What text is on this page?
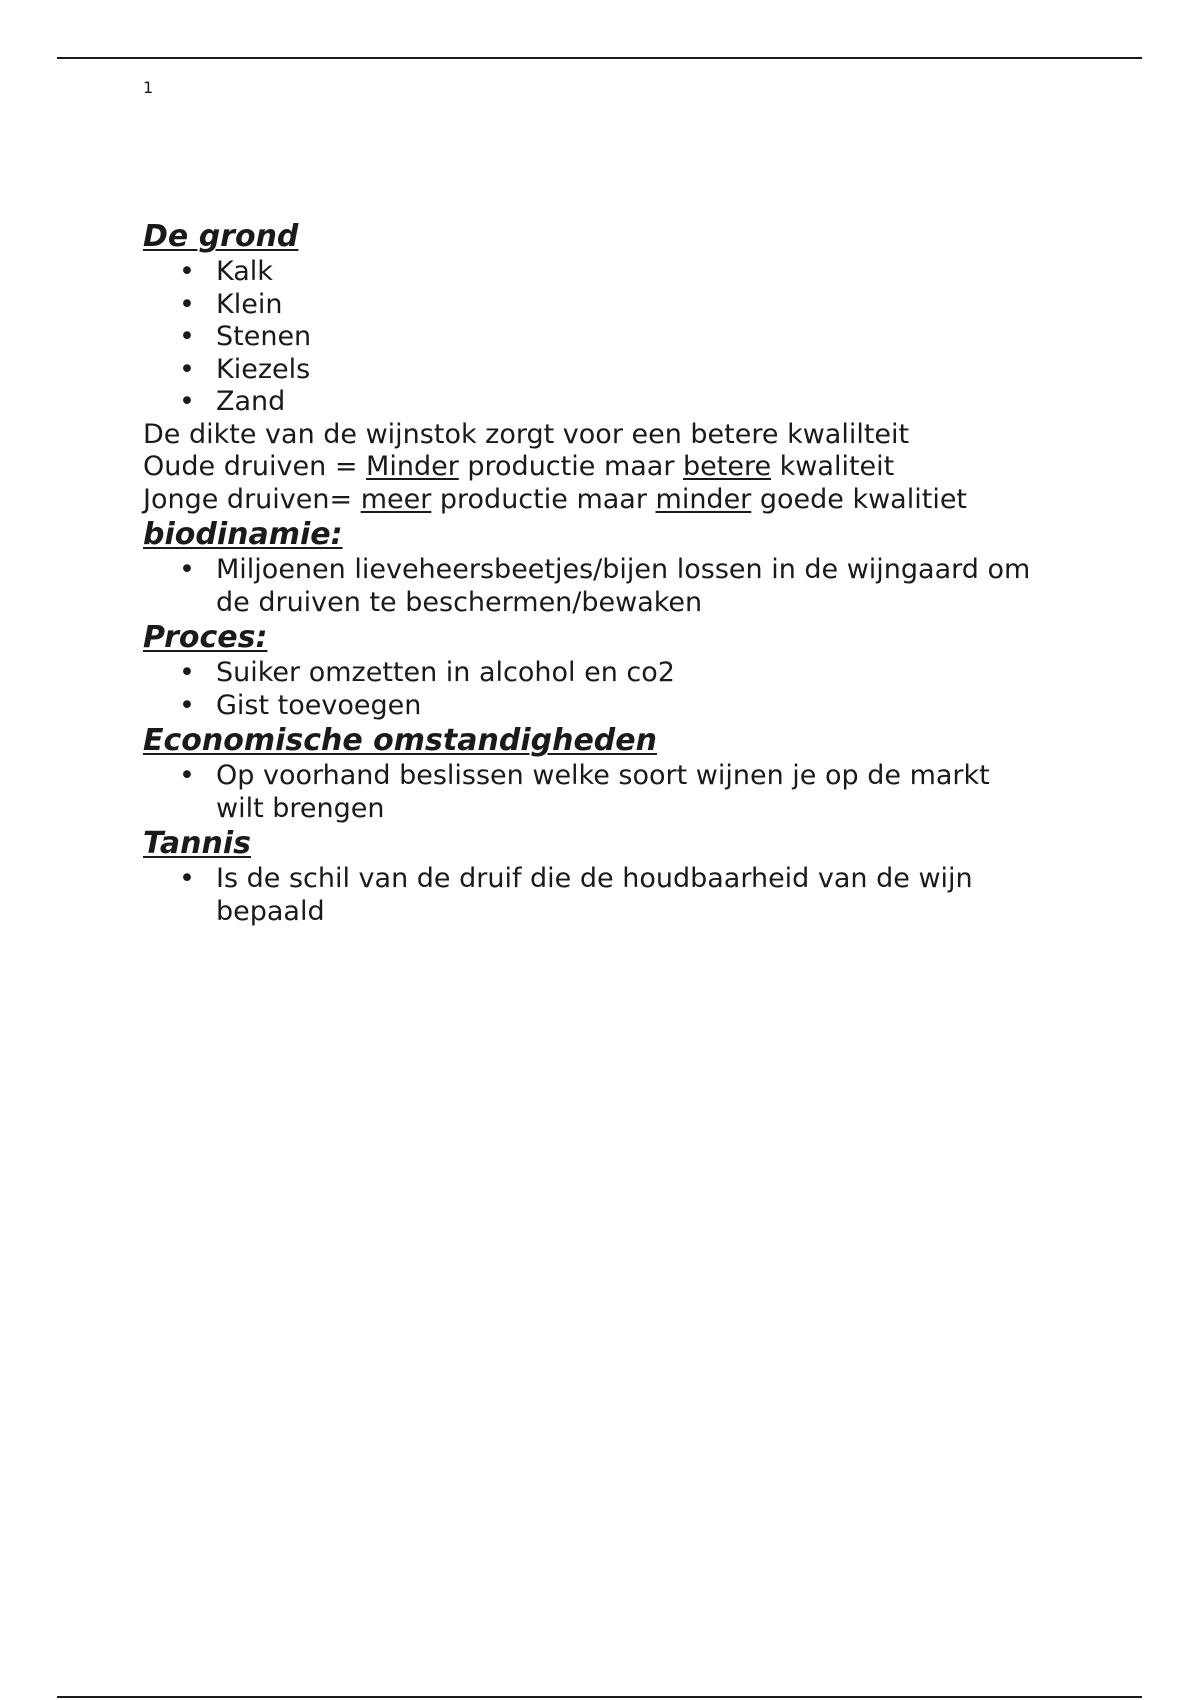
1
De grond
• Kalk
• Klein
• Stenen
• Kiezels
• Zand

De dikte van de wijnstok zorgt voor een betere kwalilteit

Oude druiven = Minder productie maar betere kwaliteit

Jonge druiven= meer productie maar minder goede kwalitiet

biodinamie:
• Miljoenen lieveheersbeetjes/bijen lossen in de wijngaard om de druiven te beschermen/bewaken
Proces:
• Suiker omzetten in alcohol en co2
• Gist toevoegen
Economische omstandigheden
• Op voorhand beslissen welke soort wijnen je op de markt wilt brengen
Tannis
• Is de schil van de druif die de houdbaarheid van de wijn bepaald
